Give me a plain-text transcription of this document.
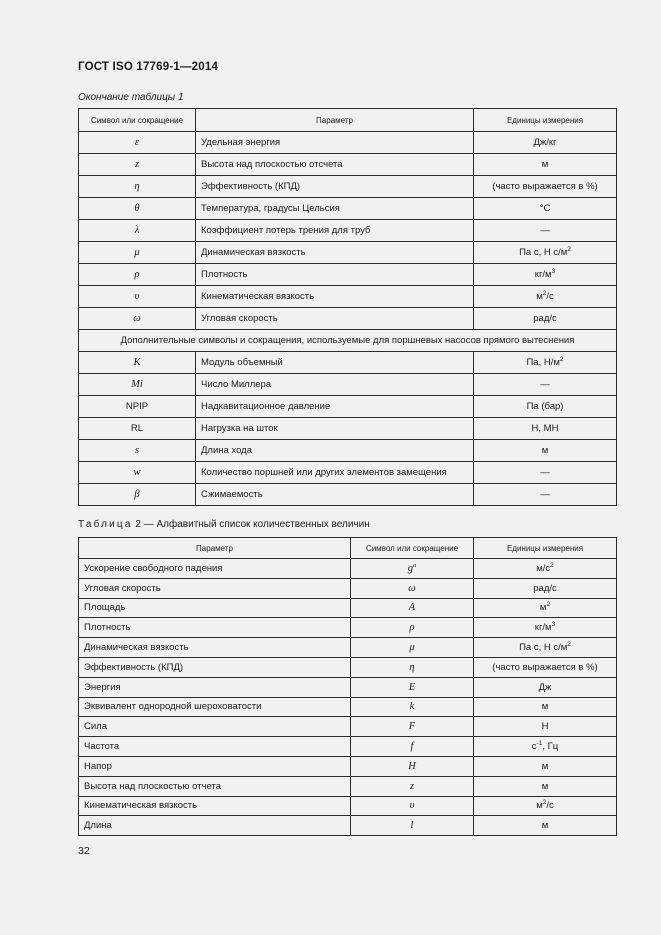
ГОСТ ISO 17769-1—2014
Окончание таблицы 1
Символ или сокращение	Параметр	Единицы измерения
ε	Удельная энергия	Дж/кг
z	Высота над плоскостью отсчета	м
η	Эффективность (КПД)	(часто выражается в %)
θ	Температура, градусы Цельсия	°С
λ	Коэффициент потерь трения для труб	—
μ	Динамическая вязкость	Па с, Н $с/м^2$
ρ	Плотность	$кг/м^3$
υ	Кинематическая вязкость	$м^2/с$
ω	Угловая скорость	рад/с
Дополнительные символы и сокращения, используемые для поршневых насосов прямого вытеснения		
K	Модуль объемный	Па, $Н/м^2$
Mi	Число Миллера	—
NPIP	Надкавитационное давление	Па (бар)
RL	Нагрузка на шток	Н, МН
s	Длина хода	м
w	Количество поршней или других элементов замещения	—
β	Сжимаемость	—
Таблица 2 — Алфавитный список количественных величин
Параметр	Символ или сокращение	Единицы измерения
Ускорение свободного падения	$g^a$	$м/с^2$
Угловая скорость	ω	рад/с
Площадь	A	$м^2$
Плотность	ρ	$кг/м^3$
Динамическая вязкость	μ	Па с, Н $с/м^2$
Эффективность (КПД)	η	(часто выражается в %)
Энергия	E	Дж
Эквивалент однородной шероховатости	k	м
Сила	F	Н
Частота	f	$с^{-1}$, Гц
Напор	H	м
Высота над плоскостью отчета	z	м
Кинематическая вязкость	υ	$м^2/с$
Длина	l	м
32
